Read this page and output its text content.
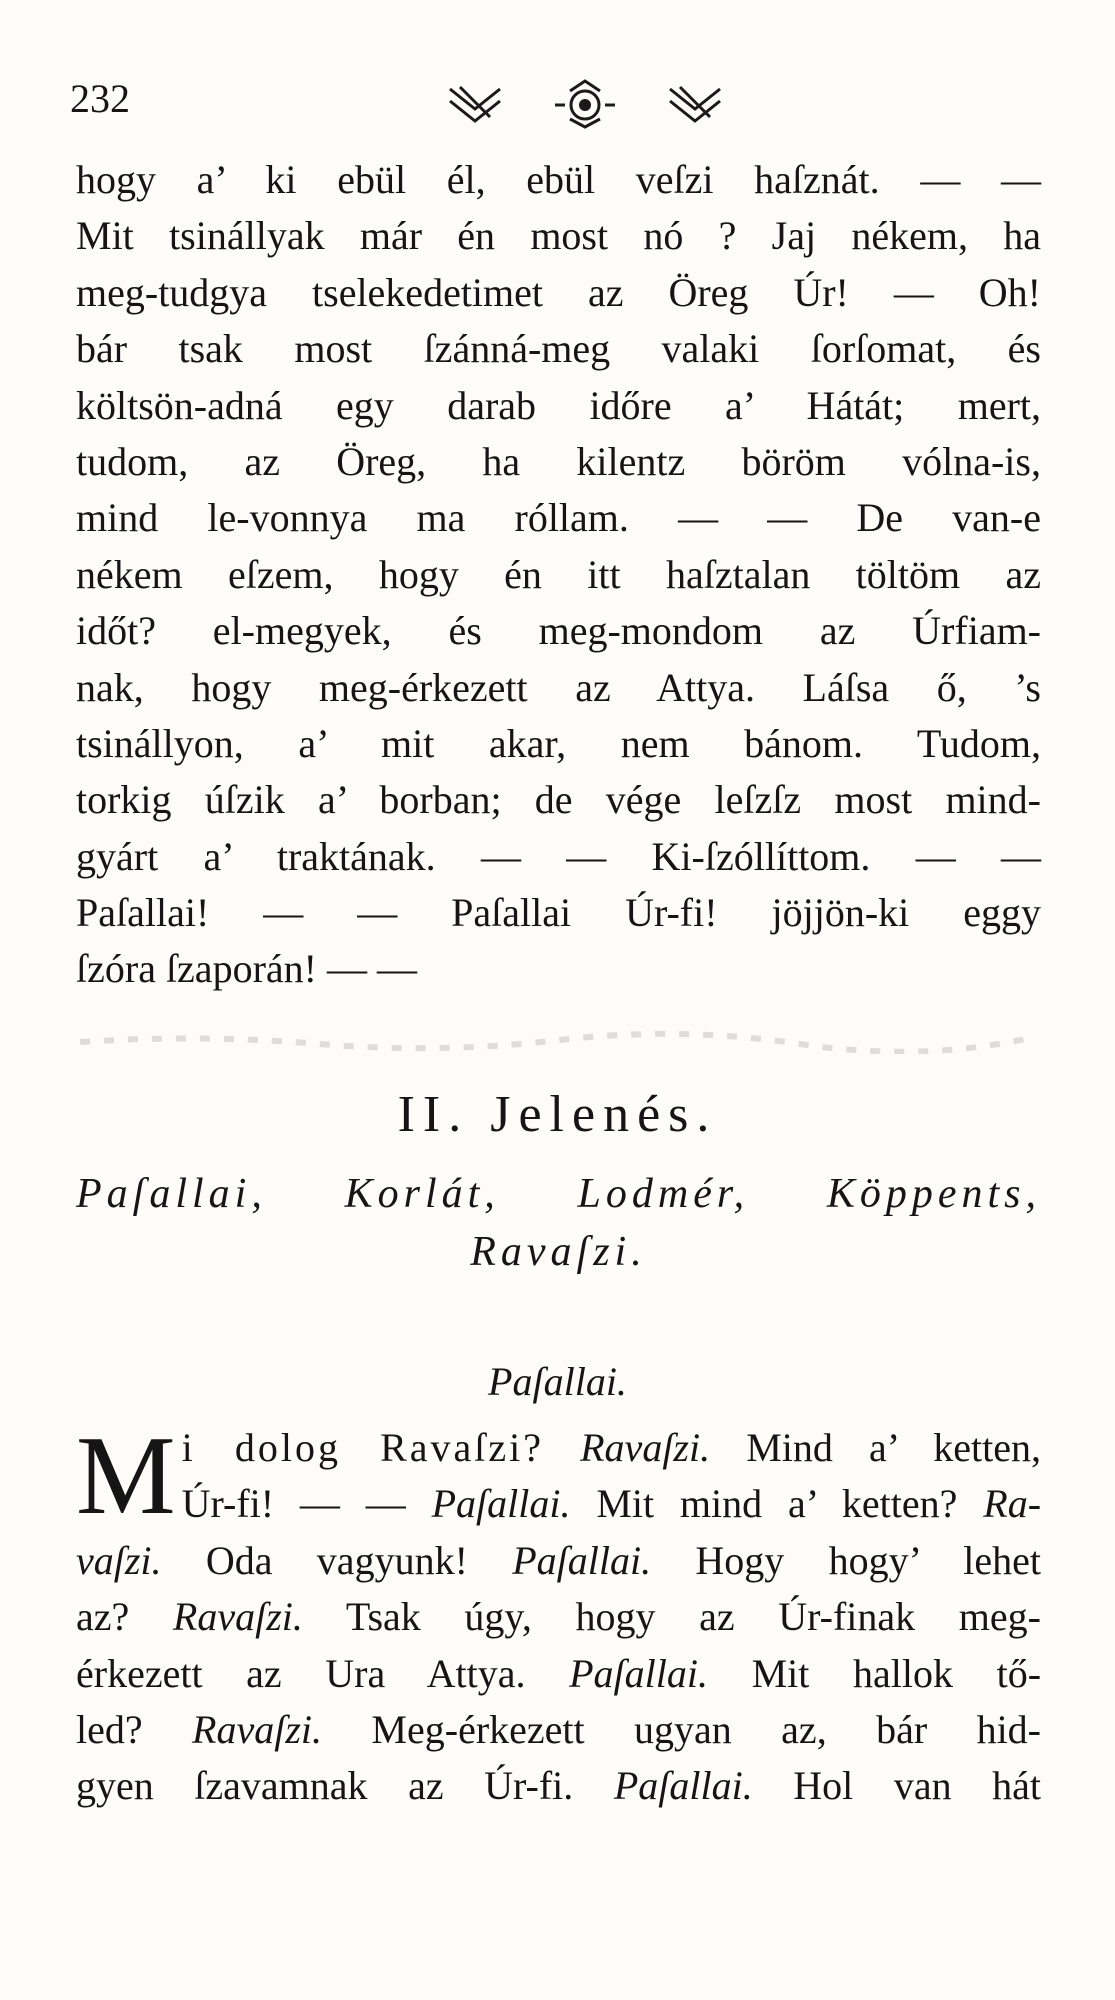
232
hogy a’ ki ebül él, ebül veſzi haſznát. — —
Mit tsinállyak már én most nó ? Jaj nékem, ha
meg-tudgya tselekedetimet az Öreg Úr! — Oh!
bár tsak most ſzánná-meg valaki ſorſomat, és
költsön-adná egy darab időre a’ Hátát; mert,
tudom, az Öreg, ha kilentz böröm vólna-is,
mind le-vonnya ma róllam. — — De van-e
nékem eſzem, hogy én itt haſztalan töltöm az
időt? el-megyek, és meg-mondom az Úrfiam-
nak, hogy meg-érkezett az Attya. Láſsa ő, ’s
tsinállyon, a’ mit akar, nem bánom. Tudom,
torkig úſzik a’ borban; de vége leſzſz most mind-
gyárt a’ traktának. — — Ki-ſzóllíttom. — —
Paſallai! — — Paſallai Úr-fi! jöjjön-ki eggy
ſzóra ſzaporán! — —
II. Jelenés.
Paſallai, Korlát, Lodmér, Köppents,
Ravaſzi.
Paſallai.
M i dolog Ravaſzi? Ravaſzi. Mind a’ ketten,
Úr-fi! — — Paſallai. Mit mind a’ ketten? Ra-
vaſzi. Oda vagyunk! Paſallai. Hogy hogy’ lehet
az? Ravaſzi. Tsak úgy, hogy az Úr-finak meg-
érkezett az Ura Attya. Paſallai. Mit hallok tő-
led? Ravaſzi. Meg-érkezett ugyan az, bár hid-
gyen ſzavamnak az Úr-fi. Paſallai. Hol van hát
